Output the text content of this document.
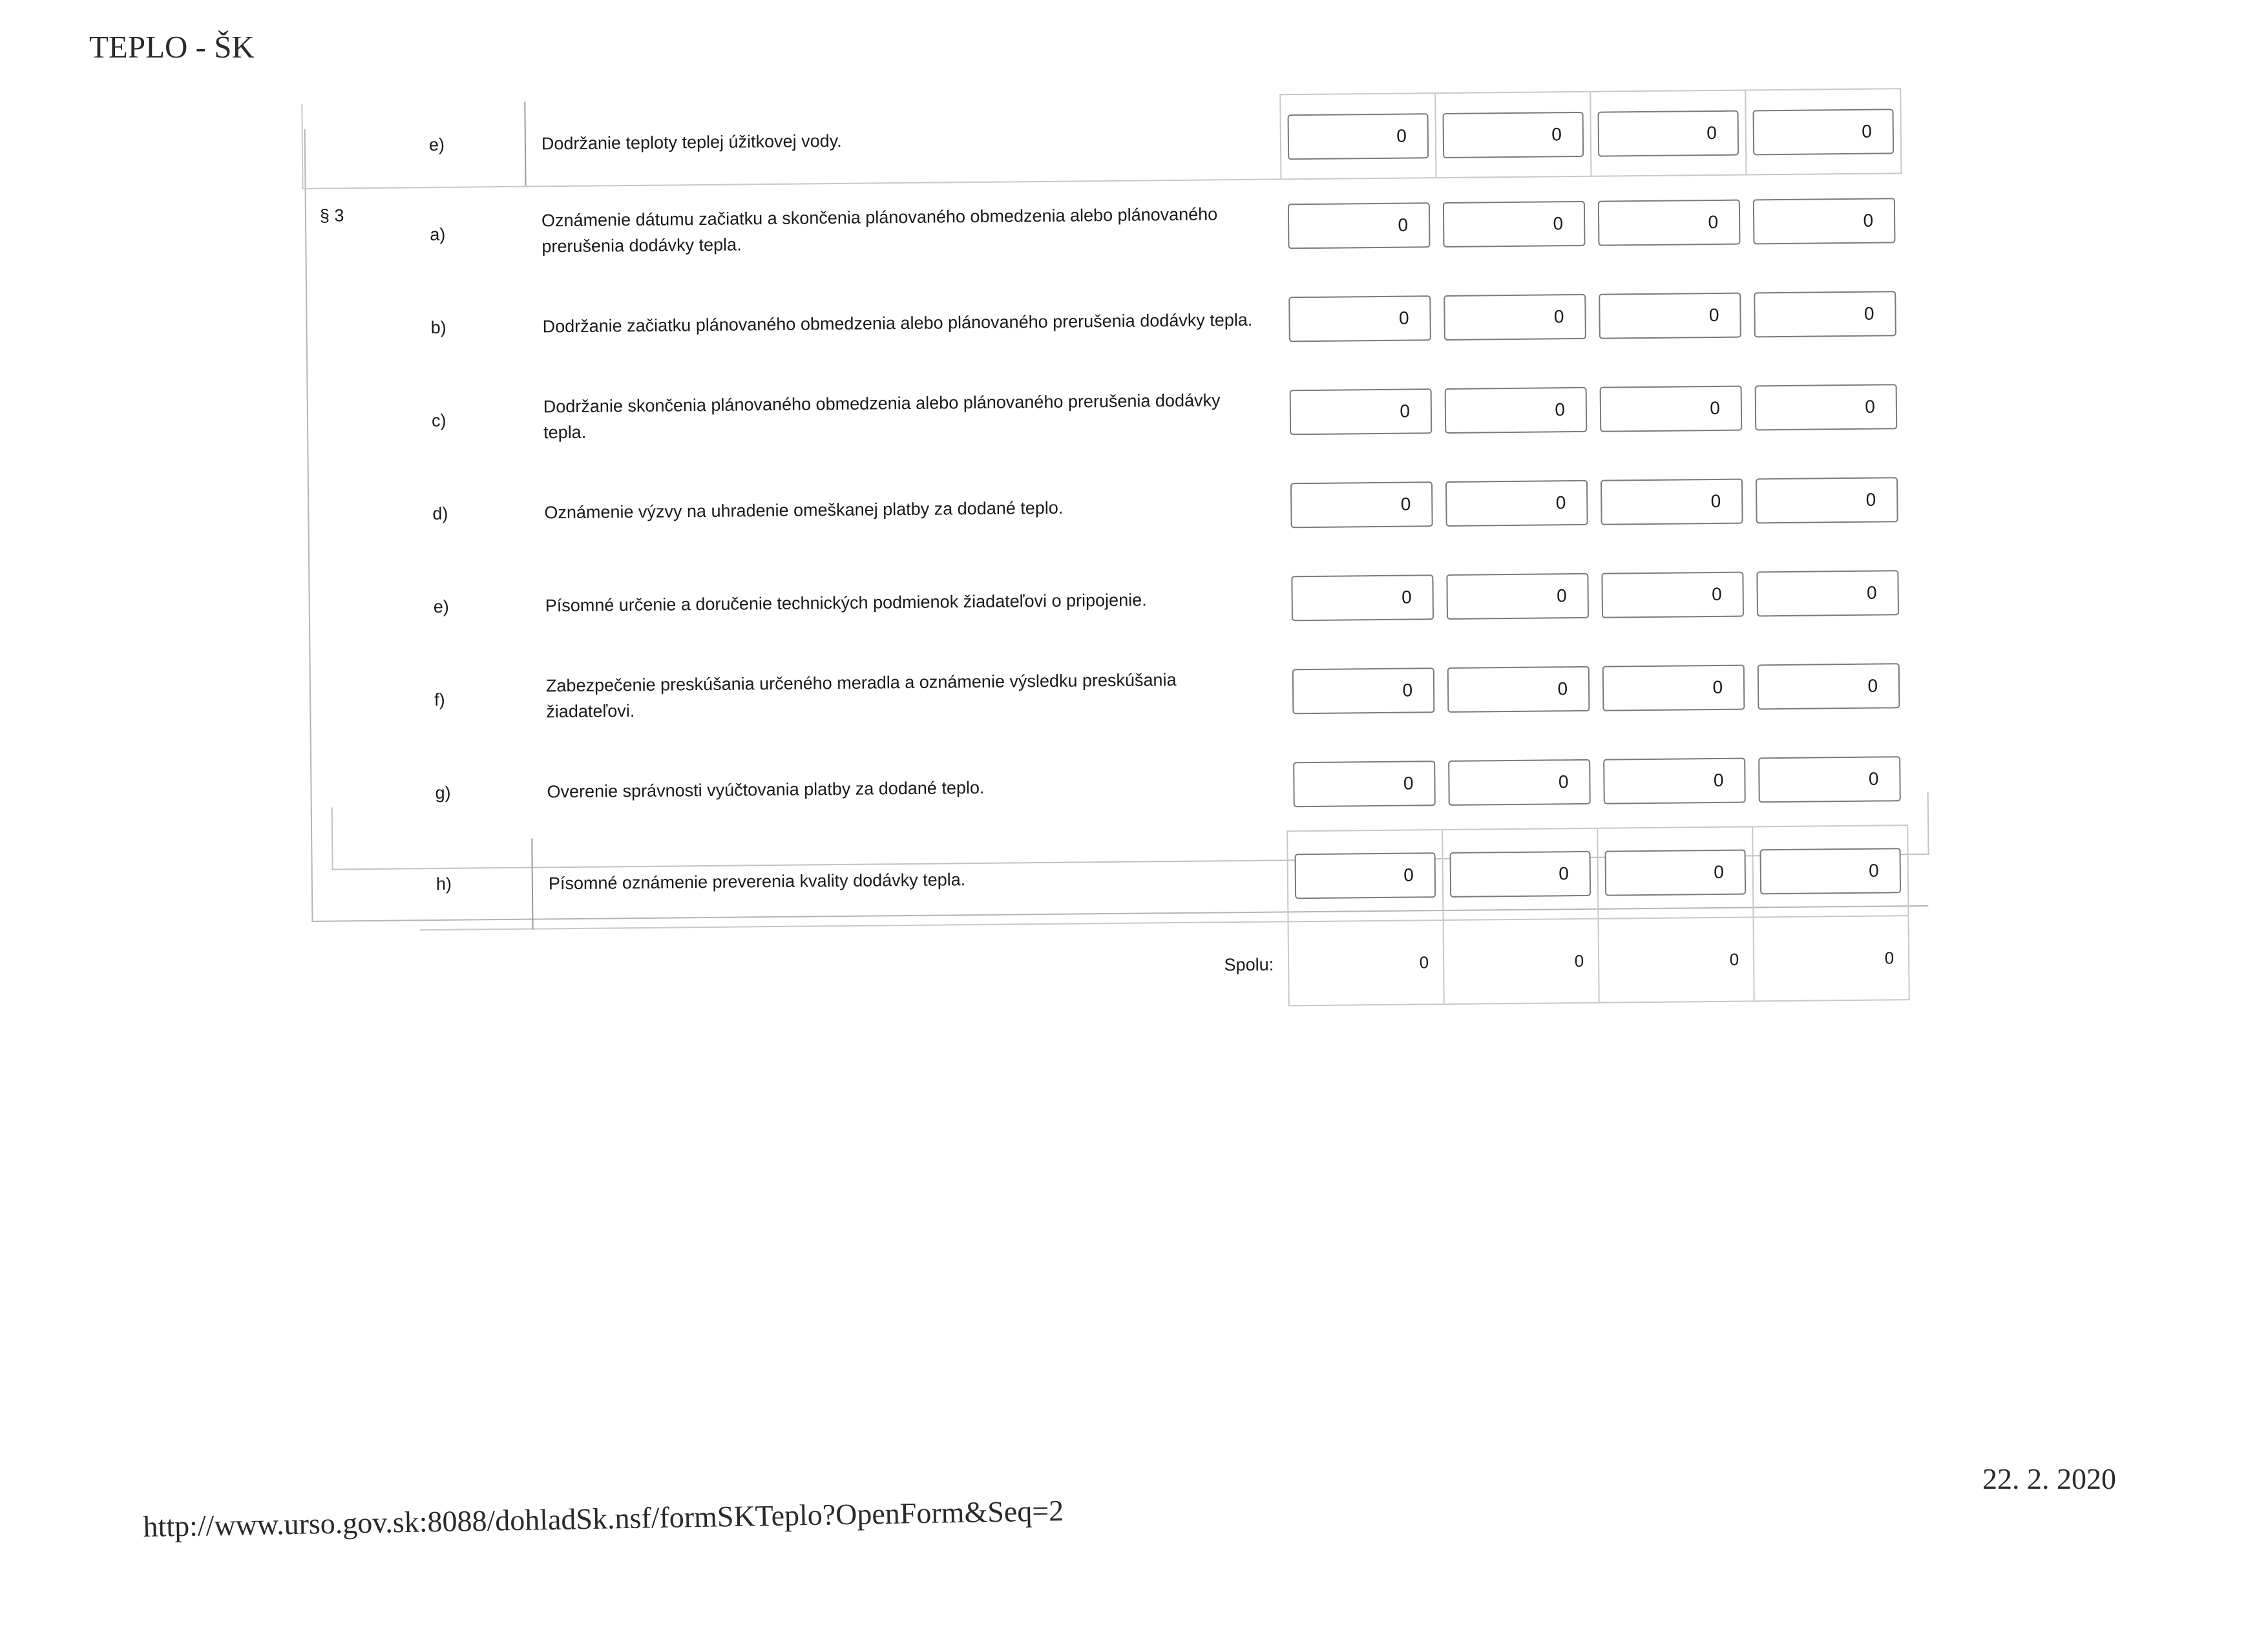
TEPLO - ŠK
	e)	Dodržanie teploty teplej úžitkovej vody.	0	0	0	0

§ 3	a)	Oznámenie dátumu začiatku a skončenia plánovaného obmedzenia alebo plánovaného prerušenia dodávky tepla.	0	0	0	0

	b)	Dodržanie začiatku plánovaného obmedzenia alebo plánovaného prerušenia dodávky tepla.	0	0	0	0

	c)	Dodržanie skončenia plánovaného obmedzenia alebo plánovaného prerušenia dodávky tepla.	0	0	0	0

	d)	Oznámenie výzvy na uhradenie omeškanej platby za dodané teplo.	0	0	0	0

	e)	Písomné určenie a doručenie technických podmienok žiadateľovi o pripojenie.	0	0	0	0

	f)	Zabezpečenie preskúšania určeného meradla a oznámenie výsledku preskúšania žiadateľovi.	0	0	0	0

	g)	Overenie správnosti vyúčtovania platby za dodané teplo.	0	0	0	0

	h)	Písomné oznámenie preverenia kvality dodávky tepla.	0	0	0	0

		Spolu:	0	0	0	0
22. 2. 2020
http://www.urso.gov.sk:8088/dohladSk.nsf/formSKTeplo?OpenForm&Seq=2
